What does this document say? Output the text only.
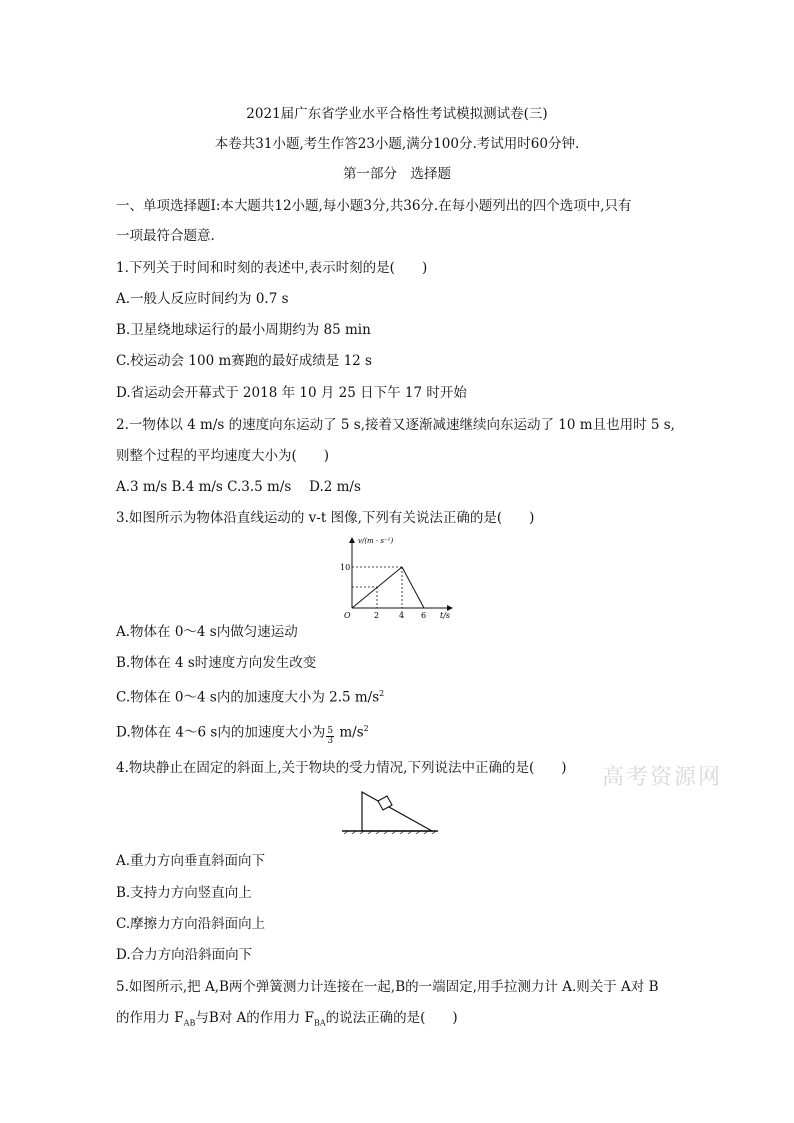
2021届广东省学业水平合格性考试模拟测试卷(三)
本卷共31小题,考生作答23小题,满分100分.考试用时60分钟.
第一部分　选择题
一、单项选择题Ⅰ:本大题共12小题,每小题3分,共36分.在每小题列出的四个选项中,只有
一项最符合题意.
1.下列关于时间和时刻的表述中,表示时刻的是(　　)
A.一般人反应时间约为 0.7 s
B.卫星绕地球运行的最小周期约为 85 min
C.校运动会 100 m赛跑的最好成绩是 12 s
D.省运动会开幕式于 2018 年 10 月 25 日下午 17 时开始
2.一物体以 4 m/s 的速度向东运动了 5 s,接着又逐渐减速继续向东运动了 10 m且也用时 5 s,
则整个过程的平均速度大小为(　　)
A.3 m/s B.4 m/s C.3.5 m/s　 D.2 m/s
3.如图所示为物体沿直线运动的 v-t 图像,下列有关说法正确的是(　　)
v/(m · s⁻¹)
t/s
O
10
2 4 6
A.物体在 0～4 s内做匀速运动
B.物体在 4 s时速度方向发生改变
C.物体在 0～4 s内的加速度大小为 2.5 $m/s^2$
D.物体在 4～6 s内的加速度大小为 $\frac{5}{3} m/s^2$
4.物块静止在固定的斜面上,关于物块的受力情况,下列说法中正确的是(　　)
A.重力方向垂直斜面向下
B.支持力方向竖直向上
C.摩擦力方向沿斜面向上
D.合力方向沿斜面向下
5.如图所示,把 A,B两个弹簧测力计连接在一起,B的一端固定,用手拉测力计 A.则关于 A对 B
的作用力 $F_{AB}$与B对 A的作用力 $F_{BA}$的说法正确的是(　　)
高考资源网
